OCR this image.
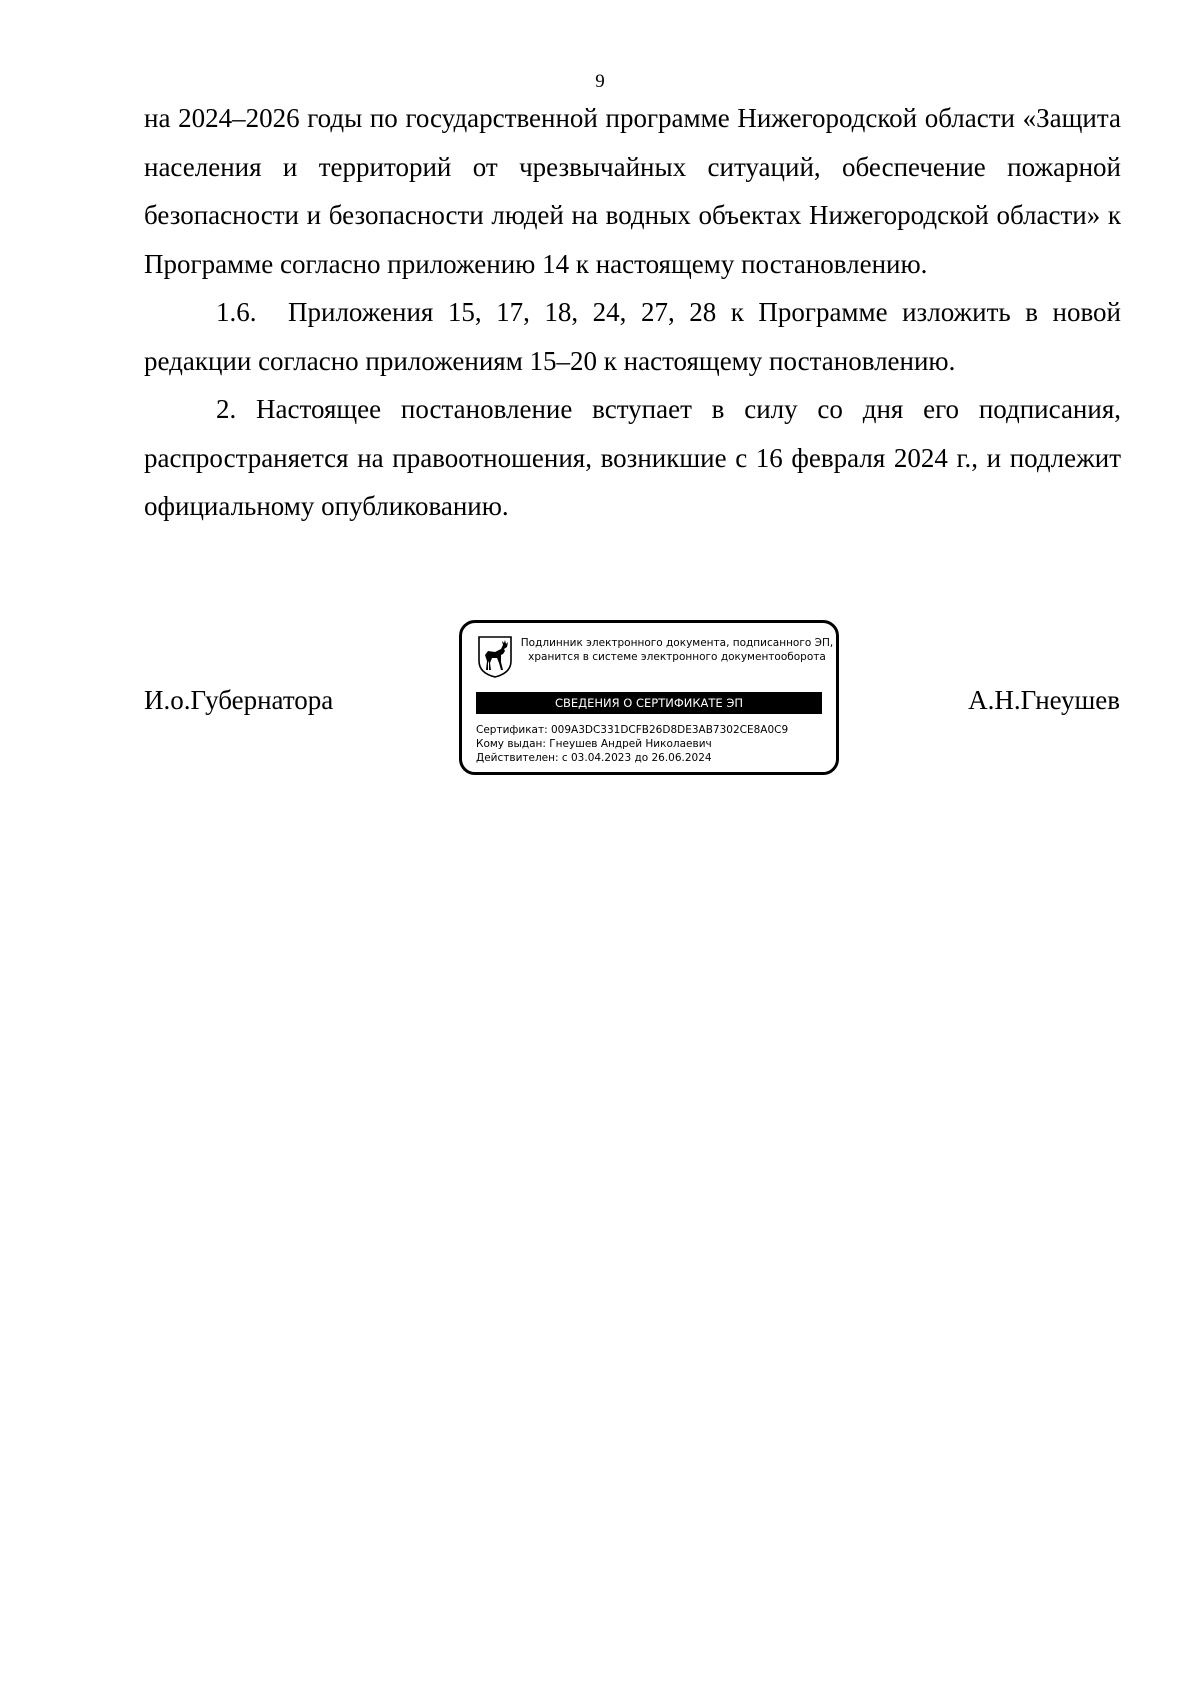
9

на 2024–2026 годы по государственной программе Нижегородской области «Защита населения и территорий от чрезвычайных ситуаций, обеспечение пожарной безопасности и безопасности людей на водных объектах Нижегородской области» к Программе согласно приложению 14 к настоящему постановлению.

1.6. Приложения 15, 17, 18, 24, 27, 28 к Программе изложить в новой редакции согласно приложениям 15–20 к настоящему постановлению.

2. Настоящее постановление вступает в силу со дня его подписания, распространяется на правоотношения, возникшие с 16 февраля 2024 г., и подлежит официальному опубликованию.

И.о.Губернатора
Подлинник электронного документа, подписанного ЭП,
хранится в системе электронного документооборота
СВЕДЕНИЯ О СЕРТИФИКАТЕ ЭП
Сертификат: 009A3DC331DCFB26D8DE3AB7302CE8A0C9
Кому выдан: Гнеушев Андрей Николаевич
Действителен: с 03.04.2023 до 26.06.2024
А.Н.Гнеушев
